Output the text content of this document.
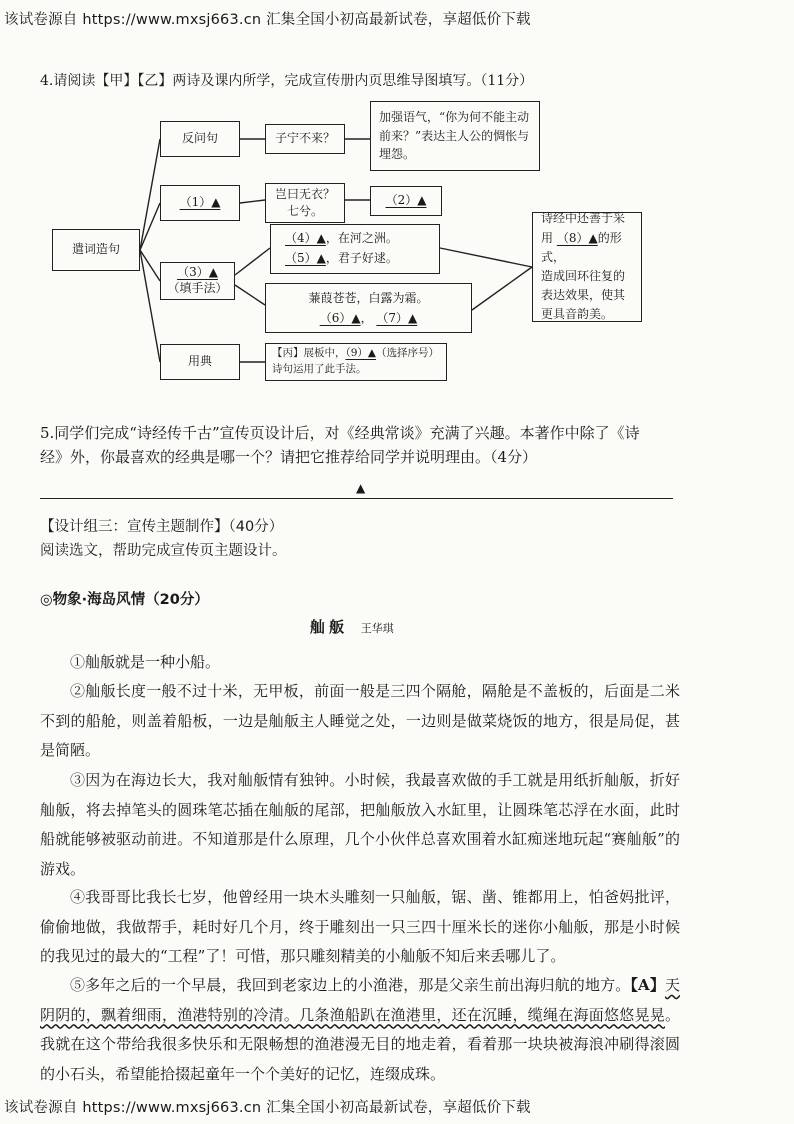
该试卷源自 https://www.mxsj663.cn 汇集全国小初高最新试卷，享超低价下载
4.请阅读【甲】【乙】两诗及课内所学，完成宣传册内页思维导图填写。（11分）
遣词造句
反问句	子宁不来？
加强语气，“你为何不能主动前来？”表达主人公的惆怅与埋怨。
（1）▲
岂曰无衣？
七兮。
（2）▲
（3）▲
（填手法）
（4）▲，在河之洲。
（5）▲，君子好逑。
蒹葭苍苍，白露为霜。
（6）▲， （7）▲
诗经中还善于采
用 （8）▲的形式，
造成回环往复的表达效果，使其更具音韵美。
用典
【丙】展板中，（9）▲（选择序号）
诗句运用了此手法。
5.同学们完成“诗经传千古”宣传页设计后，对《经典常谈》充满了兴趣。本著作中除了《诗
经》外，你最喜欢的经典是哪一个？请把它推荐给同学并说明理由。（4分）
▲
【设计组三：宣传主题制作】（40分）
阅读选文，帮助完成宣传页主题设计。
◎物象·海岛风情（20分）
舢舨 王华琪
①舢舨就是一种小船。
②舢舨长度一般不过十米，无甲板，前面一般是三四个隔舱，隔舱是不盖板的，后面是二米不到的船舱，则盖着船板，一边是舢舨主人睡觉之处，一边则是做菜烧饭的地方，很是局促，甚是简陋。
③因为在海边长大，我对舢舨情有独钟。小时候，我最喜欢做的手工就是用纸折舢舨，折好舢舨，将去掉笔头的圆珠笔芯插在舢舨的尾部，把舢舨放入水缸里，让圆珠笔芯浮在水面，此时船就能够被驱动前进。不知道那是什么原理，几个小伙伴总喜欢围着水缸痴迷地玩起“赛舢舨”的游戏。
④我哥哥比我长七岁，他曾经用一块木头雕刻一只舢舨，锯、凿、锥都用上，怕爸妈批评，偷偷地做，我做帮手，耗时好几个月，终于雕刻出一只三四十厘米长的迷你小舢舨，那是小时候的我见过的最大的“工程”了！可惜，那只雕刻精美的小舢舨不知后来丢哪儿了。
⑤多年之后的一个早晨，我回到老家边上的小渔港，那是父亲生前出海归航的地方。【A】天阴阴的，飘着细雨，渔港特别的冷清。几条渔船趴在渔港里，还在沉睡，缆绳在海面悠悠晃晃。我就在这个带给我很多快乐和无限畅想的渔港漫无目的地走着，看着那一块块被海浪冲刷得滚圆的小石头，希望能拾掇起童年一个个美好的记忆，连缀成珠。
该试卷源自 https://www.mxsj663.cn 汇集全国小初高最新试卷，享超低价下载
